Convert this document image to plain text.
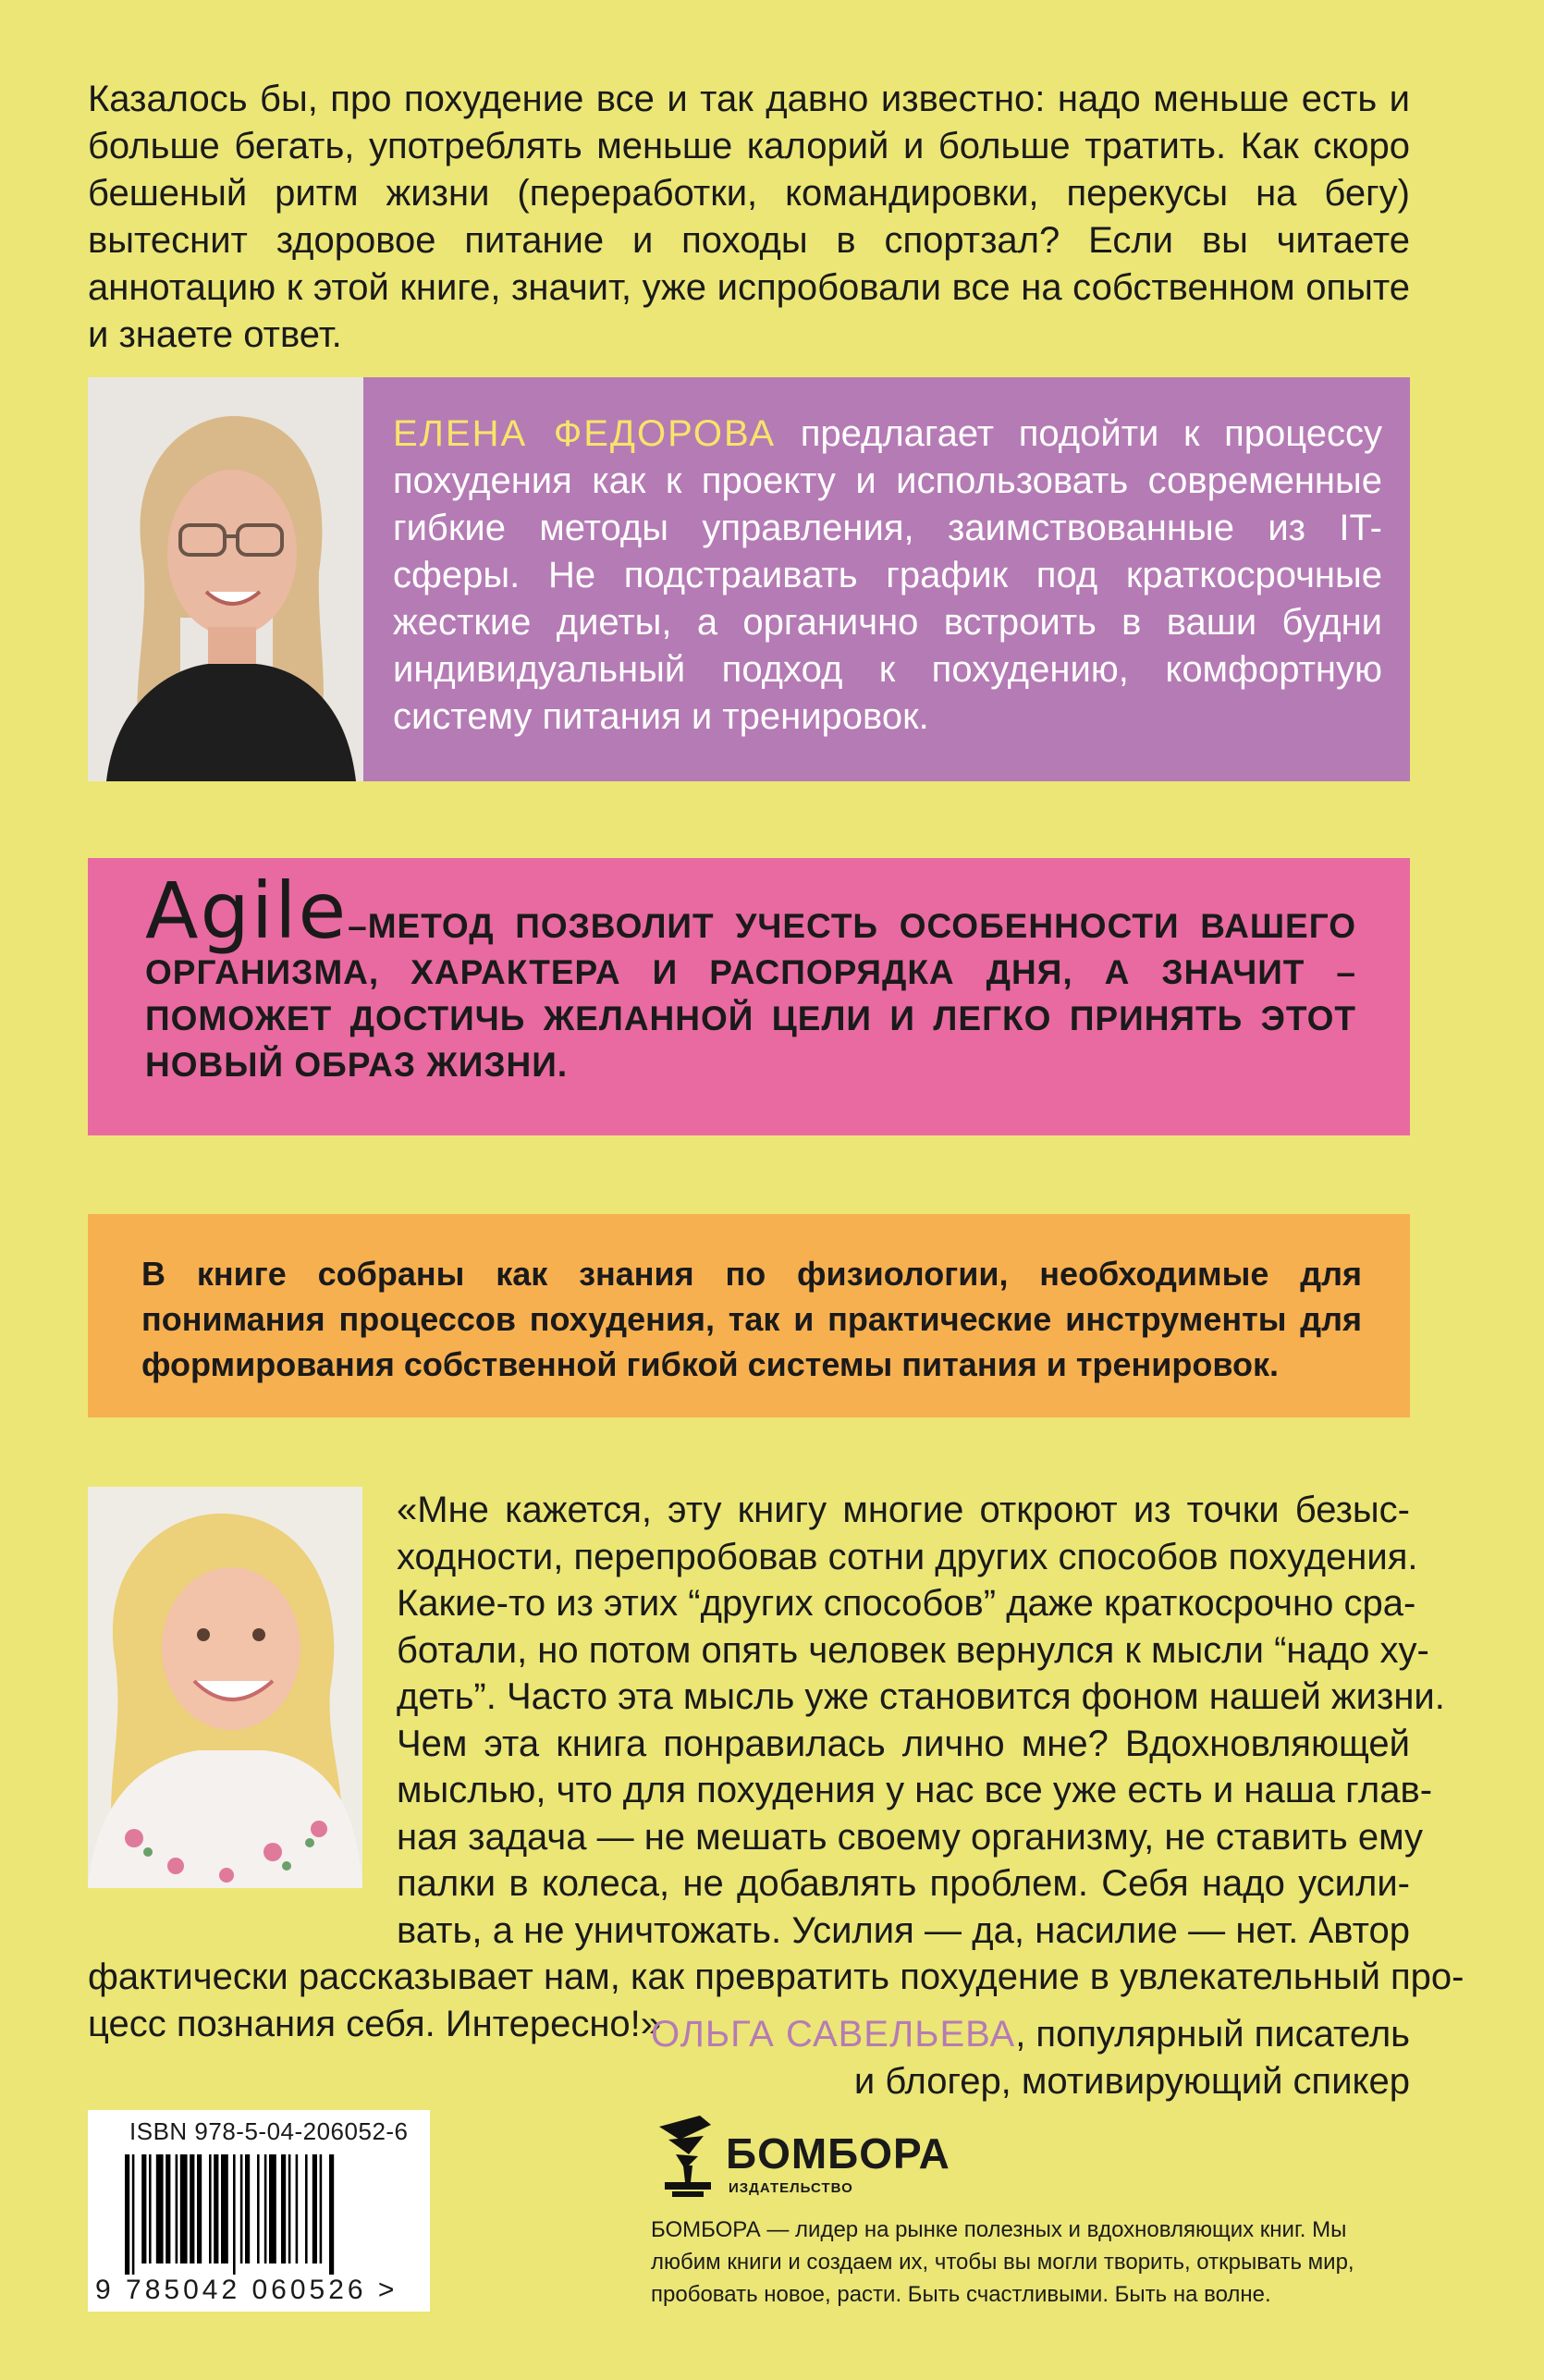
Казалось бы, про похудение все и так давно известно: надо меньше есть и больше бегать, употреблять меньше калорий и больше тратить. Как скоро бешеный ритм жизни (переработки, командировки, перекусы на бегу) вытеснит здоровое питание и походы в спортзал? Если вы читаете аннотацию к этой книге, значит, уже испробовали все на собственном опыте и знаете ответ.
ЕЛЕНА ФЕДОРОВА предлагает подойти к процессу похудения как к проекту и использовать современные гибкие методы управления, заимствованные из IT-сферы. Не подстраивать график под краткосрочные жесткие диеты, а органично встроить в ваши будни индивидуальный подход к похудению, комфортную систему питания и тренировок.
Agile–МЕТОД ПОЗВОЛИТ УЧЕСТЬ ОСОБЕННОСТИ ВАШЕГО ОРГАНИЗМА, ХАРАКТЕРА И РАСПОРЯДКА ДНЯ, А ЗНАЧИТ – ПОМОЖЕТ ДОСТИЧЬ ЖЕЛАННОЙ ЦЕЛИ И ЛЕГКО ПРИНЯТЬ ЭТОТ НОВЫЙ ОБРАЗ ЖИЗНИ.
В книге собраны как знания по физиологии, необходимые для понимания процессов похудения, так и практические инструменты для формирования собственной гибкой системы питания и тренировок.
«Мне кажется, эту книгу многие откроют из точки безыс-
ходности, перепробовав сотни других способов похудения.
Какие-то из этих “других способов” даже краткосрочно сра-
ботали, но потом опять человек вернулся к мысли “надо ху-
деть”. Часто эта мысль уже становится фоном нашей жизни.
Чем эта книга понравилась лично мне? Вдохновляющей
мыслью, что для похудения у нас все уже есть и наша глав-
ная задача — не мешать своему организму, не ставить ему
палки в колеса, не добавлять проблем. Себя надо усили-
вать, а не уничтожать. Усилия — да, насилие — нет. Автор
фактически рассказывает нам, как превратить похудение в увлекательный про-
цесс познания себя. Интересно!»
ОЛЬГА САВЕЛЬЕВА, популярный писатель
и блогер, мотивирующий спикер
ISBN 978-5-04-206052-6
9 785042 060526 >
БОМБОРА
ИЗДАТЕЛЬСТВО
БОМБОРА — лидер на рынке полезных и вдохновляющих книг. Мы любим книги и создаем их, чтобы вы могли творить, открывать мир, пробовать новое, расти. Быть счастливыми. Быть на волне.
